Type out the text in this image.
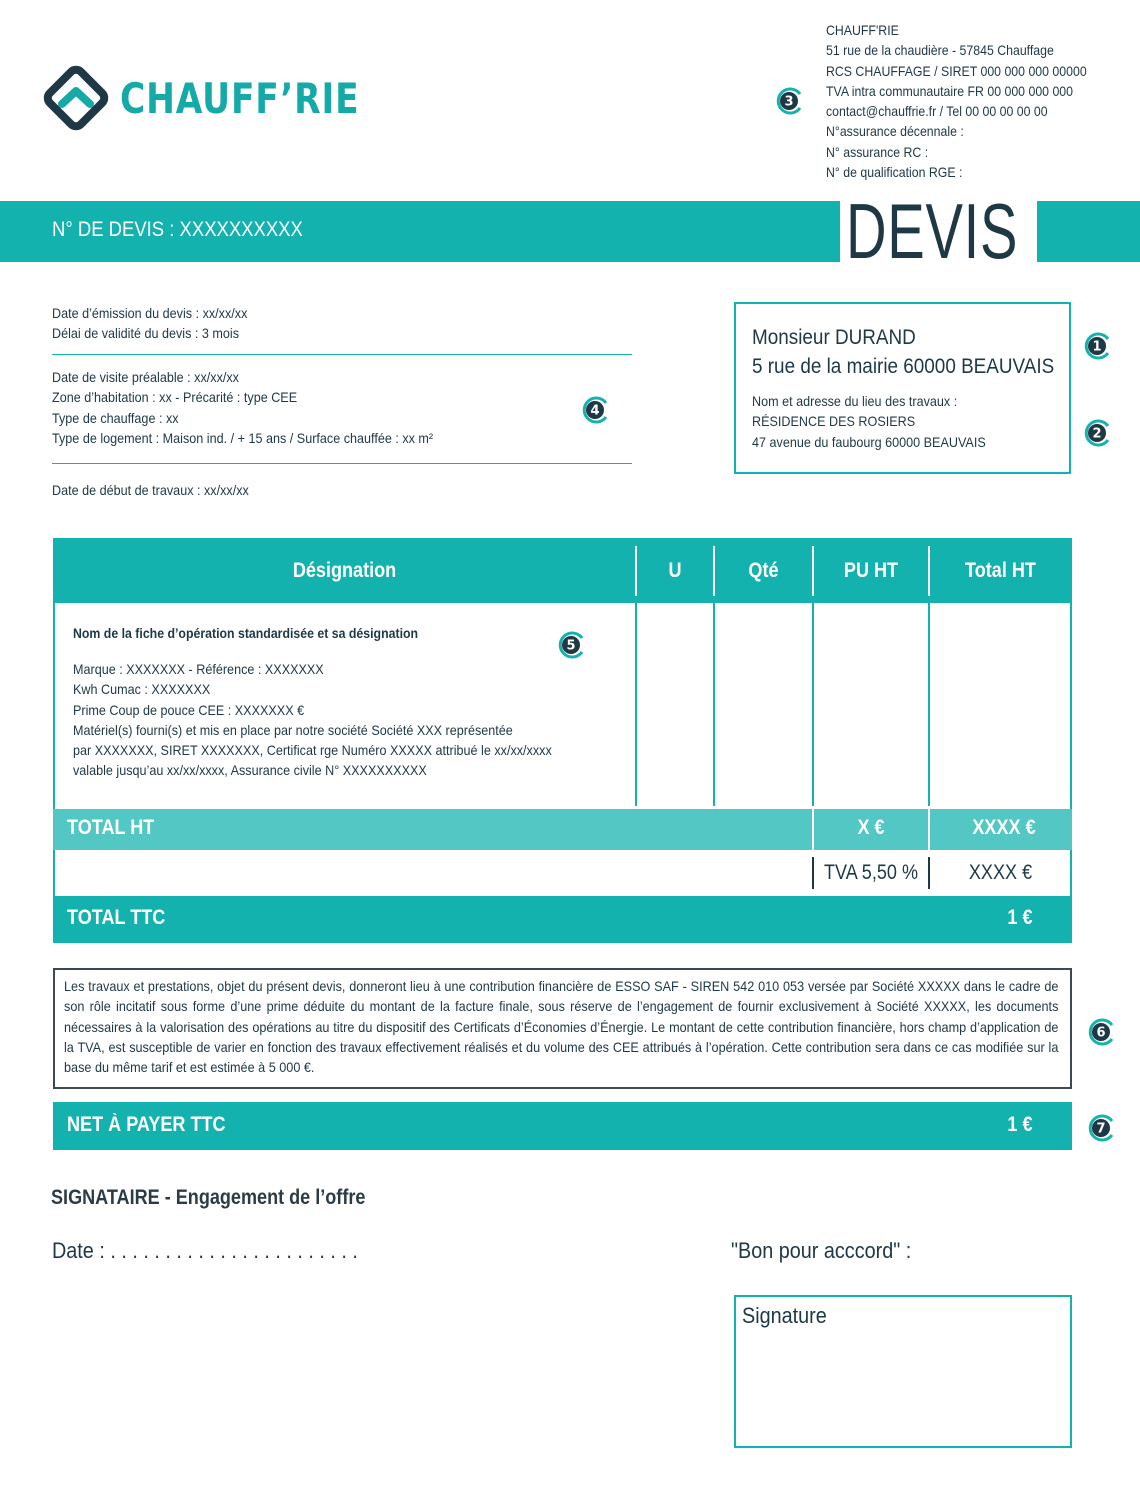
CHAUFF’RIE
CHAUFF'RIE
51 rue de la chaudière - 57845 Chauffage
RCS CHAUFFAGE / SIRET 000 000 000 00000
TVA intra communautaire FR 00 000 000 000
contact@chauffrie.fr / Tel 00 00 00 00 00
N°assurance décennale :
N° assurance RC :
N° de qualification RGE :
3
1
2
4
5
6
7
N° DE DEVIS : XXXXXXXXXX	DEVIS
Date d’émission du devis : xx/xx/xx
Délai de validité du devis : 3 mois
Date de visite préalable : xx/xx/xx
Zone d’habitation : xx - Précarité : type CEE
Type de chauffage : xx
Type de logement : Maison ind. / + 15 ans / Surface chauffée : xx m²
Date de début de travaux : xx/xx/xx
Monsieur DURAND
5 rue de la mairie 60000 BEAUVAIS
Nom et adresse du lieu des travaux :
RÉSIDENCE DES ROSIERS
47 avenue du faubourg 60000 BEAUVAIS
Désignation	U	Qté	PU HT	Total HT
Nom de la fiche d’opération standardisée et sa désignation
Marque : XXXXXXX - Référence : XXXXXXX
Kwh Cumac : XXXXXXX
Prime Coup de pouce CEE : XXXXXXX €
Matériel(s) fourni(s) et mis en place par notre société Société XXX représentée
par XXXXXXX, SIRET XXXXXXX, Certificat rge Numéro XXXXX attribué le xx/xx/xxxx
valable jusqu’au xx/xx/xxxx, Assurance civile N° XXXXXXXXXX
TOTAL HT	X €	XXXX €
TVA 5,50 %	XXXX €
TOTAL TTC	1 €
Les travaux et prestations, objet du présent devis, donneront lieu à une contribution financière de ESSO SAF - SIREN 542 010 053 versée par Société XXXXX dans le cadre de son rôle incitatif sous forme d’une prime déduite du montant de la facture finale, sous réserve de l’engagement de fournir exclusivement à Société XXXXX, les documents nécessaires à la valorisation des opérations au titre du dispositif des Certificats d’Économies d’Énergie. Le montant de cette contribution financière, hors champ d’application de la TVA, est susceptible de varier en fonction des travaux effectivement réalisés et du volume des CEE attribués à l’opération. Cette contribution sera dans ce cas modifiée sur la base du même tarif et est estimée à 5 000 €.
NET À PAYER TTC	1 €
SIGNATAIRE - Engagement de l’offre
Date : . . . . . . . . . . . . . . . . . . . . . . .	"Bon pour acccord" :
Signature
